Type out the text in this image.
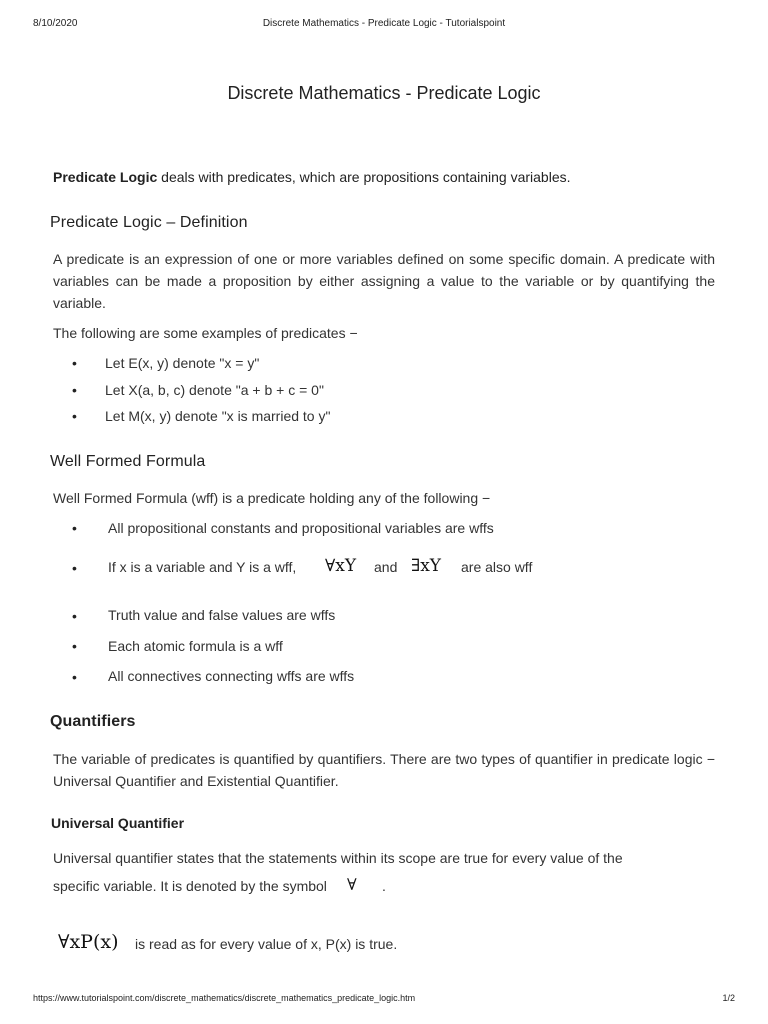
8/10/2020	Discrete Mathematics - Predicate Logic - Tutorialspoint
Discrete Mathematics - Predicate Logic
Predicate Logic deals with predicates, which are propositions containing variables.
Predicate Logic – Definition
A predicate is an expression of one or more variables defined on some specific domain. A predicate with variables can be made a proposition by either assigning a value to the variable or by quantifying the variable.
The following are some examples of predicates −
• Let E(x, y) denote "x = y"
• Let X(a, b, c) denote "a + b + c = 0"
• Let M(x, y) denote "x is married to y"
Well Formed Formula
Well Formed Formula (wff) is a predicate holding any of the following −
• All propositional constants and propositional variables are wffs
• If x is a variable and Y is a wff, ∀xY and ∃xY are also wff
• Truth value and false values are wffs
• Each atomic formula is a wff
• All connectives connecting wffs are wffs
Quantifiers
The variable of predicates is quantified by quantifiers. There are two types of quantifier in predicate logic − Universal Quantifier and Existential Quantifier.
Universal Quantifier
Universal quantifier states that the statements within its scope are true for every value of the
specific variable. It is denoted by the symbol ∀ .
∀xP(x) is read as for every value of x, P(x) is true.
https://www.tutorialspoint.com/discrete_mathematics/discrete_mathematics_predicate_logic.htm	1/2
